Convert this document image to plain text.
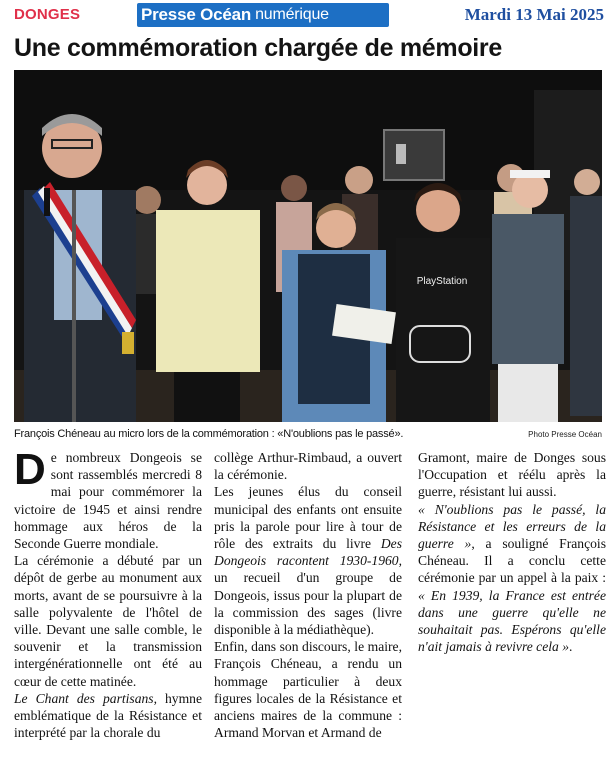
DONGES	Presse Océan numérique	Mardi 13 Mai 2025
Une commémoration chargée de mémoire
PlayStation
François Chéneau au micro lors de la commémoration : «N'oublions pas le passé».	Photo Presse Océan

De nombreux Dongeois se sont rassemblés mercredi 8 mai pour commémorer la victoire de 1945 et ainsi rendre hommage aux héros de la Seconde Guerre mondiale.

La cérémonie a débuté par un dépôt de gerbe au monument aux morts, avant de se poursuivre à la salle polyvalente de l'hôtel de ville. Devant une salle comble, le souvenir et la transmission intergénérationnelle ont été au cœur de cette matinée.

Le Chant des partisans, hymne emblématique de la Résistance et interprété par la chorale du

collège Arthur-Rimbaud, a ouvert la cérémonie.

Les jeunes élus du conseil municipal des enfants ont ensuite pris la parole pour lire à tour de rôle des extraits du livre Des Dongeois racontent 1930-1960, un recueil d'un groupe de Dongeois, issus pour la plupart de la commission des sages (livre disponible à la médiathèque).

Enfin, dans son discours, le maire, François Chéneau, a rendu un hommage particulier à deux figures locales de la Résistance et anciens maires de la commune : Armand Morvan et Armand de

Gramont, maire de Donges sous l'Occupation et réélu après la guerre, résistant lui aussi.

« N'oublions pas le passé, la Résistance et les erreurs de la guerre », a souligné François Chéneau. Il a conclu cette cérémonie par un appel à la paix : « En 1939, la France est entrée dans une guerre qu'elle ne souhaitait pas. Espérons qu'elle n'ait jamais à revivre cela ».
